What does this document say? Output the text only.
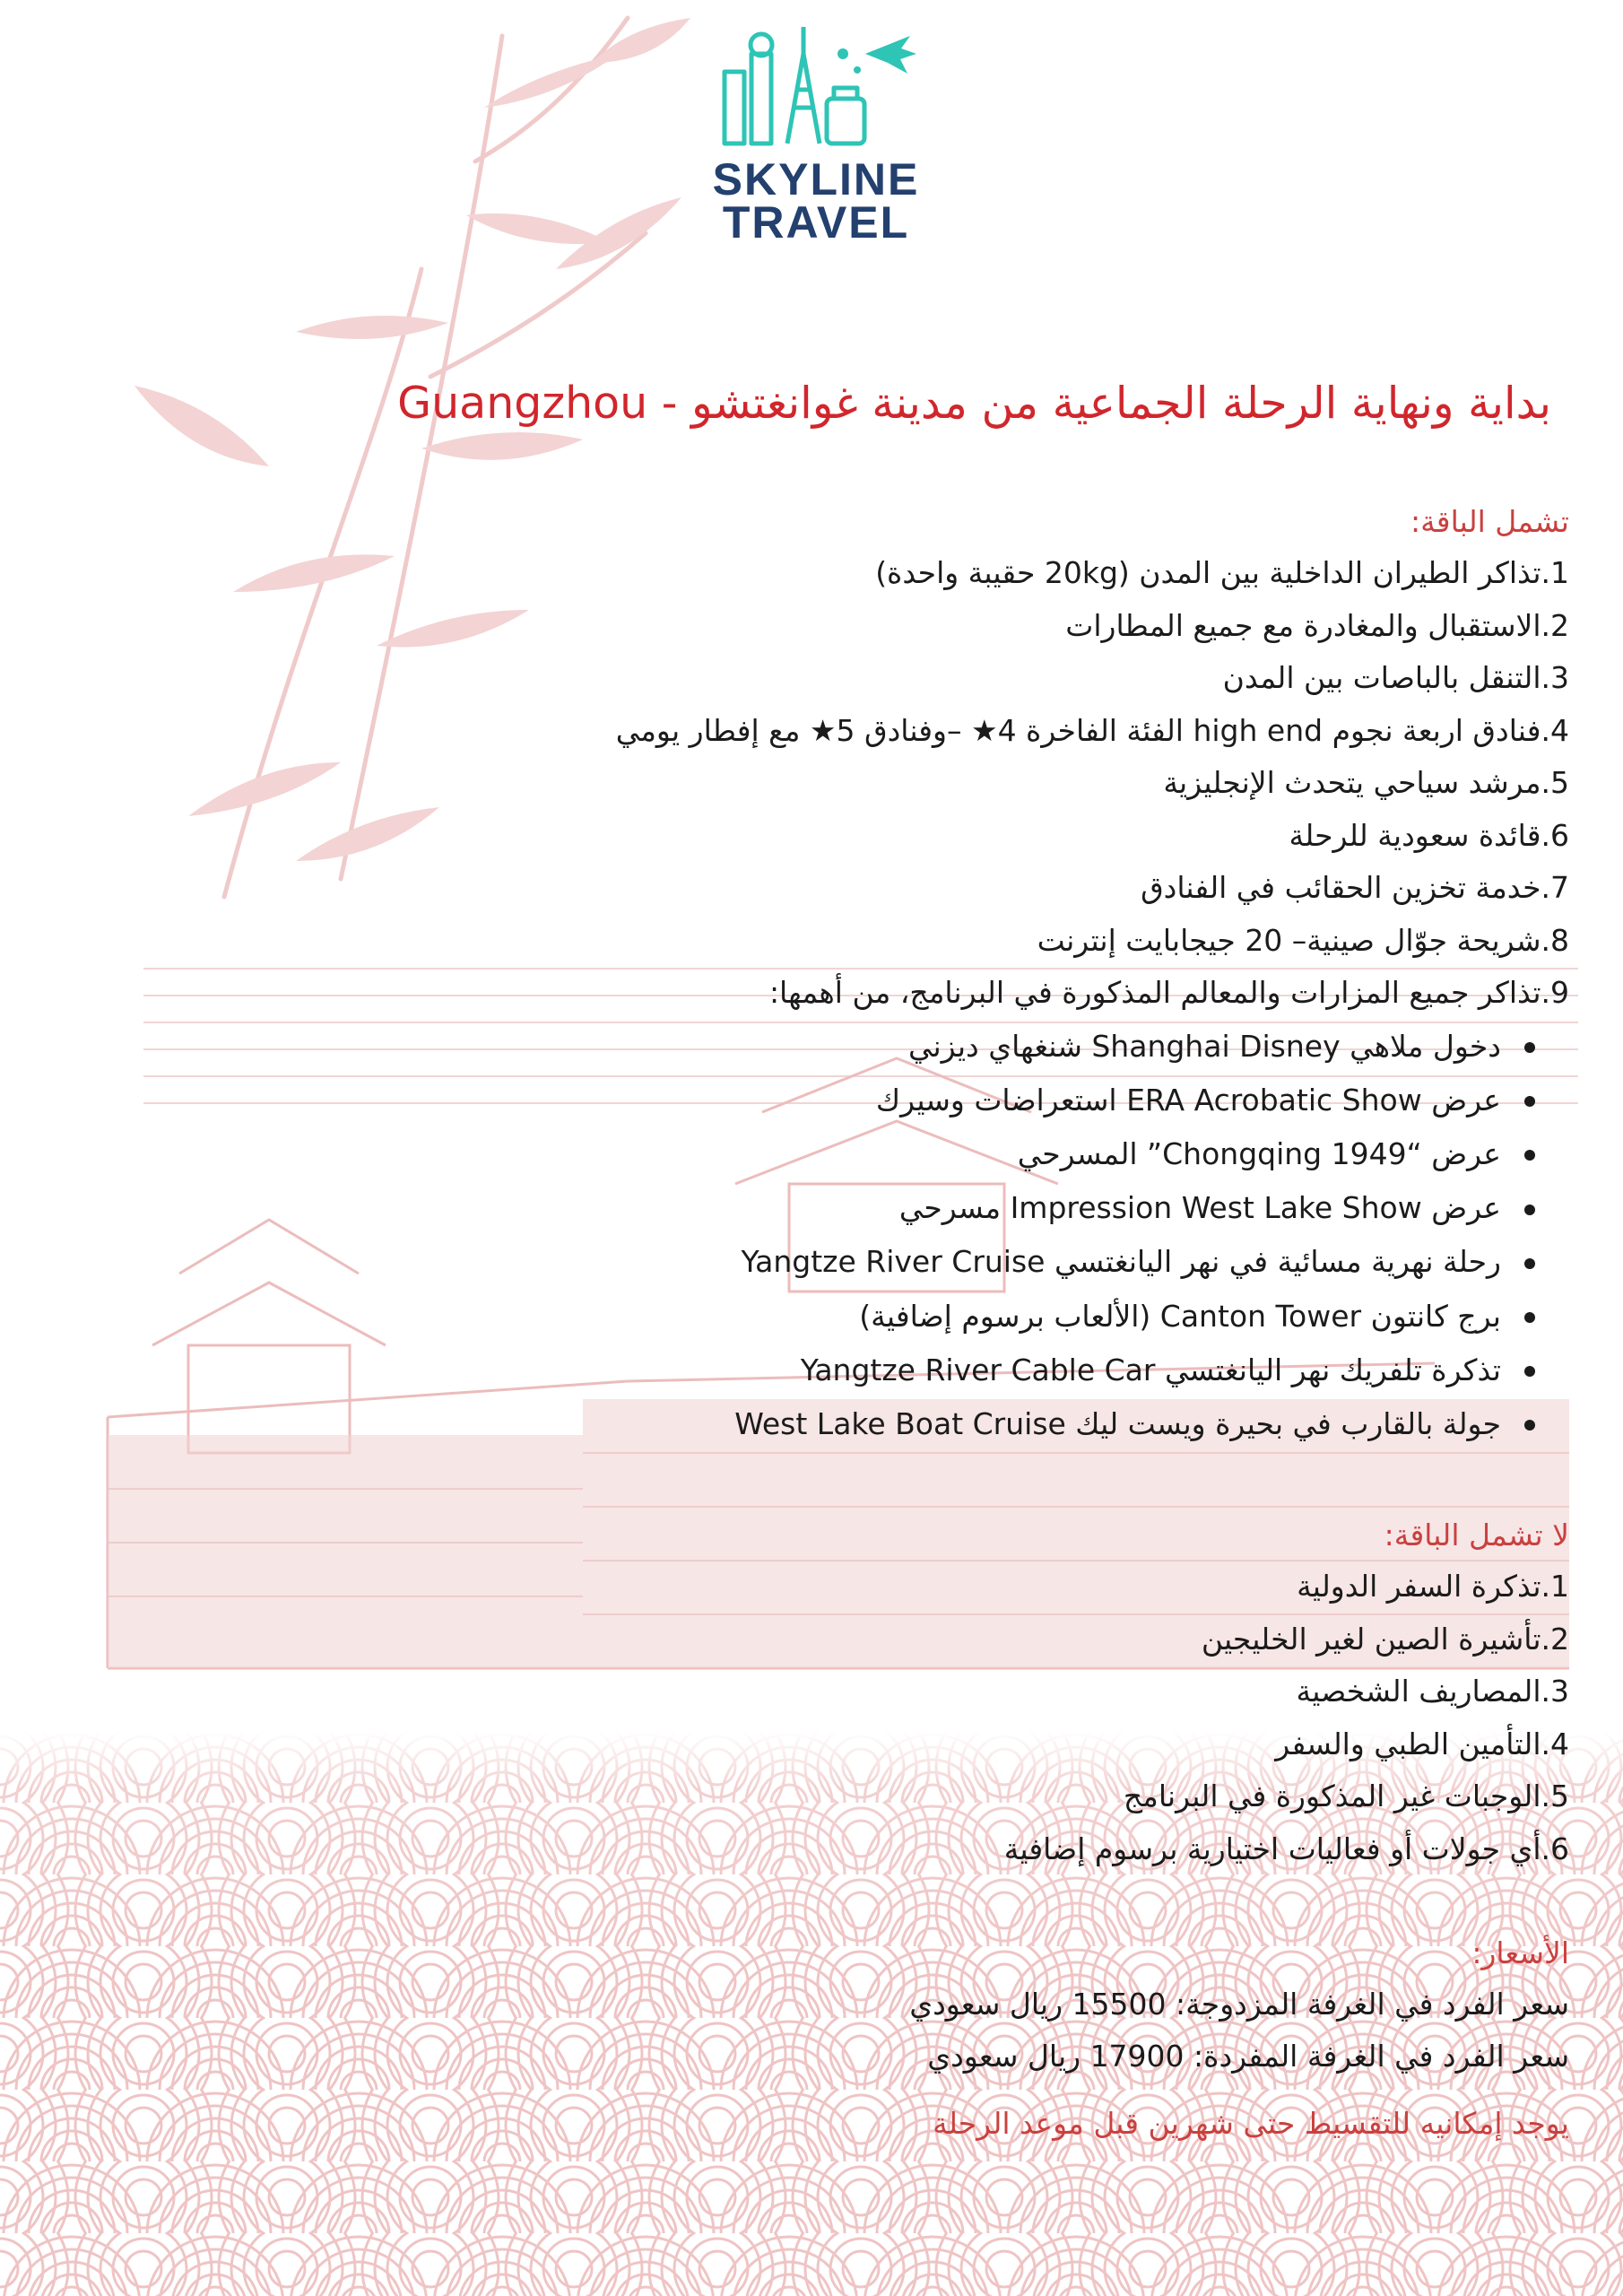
SKYLINE
TRAVEL
بداية ونهاية الرحلة الجماعية من مدينة غوانغتشو - Guangzhou
تشمل الباقة:
1.تذاكر الطيران الداخلية بين المدن (20kg حقيبة واحدة)
2.الاستقبال والمغادرة مع جميع المطارات
3.التنقل بالباصات بين المدن
4.فنادق اربعة نجوم high end الفئة الفاخرة 4★ –وفنادق 5★ مع إفطار يومي
5.مرشد سياحي يتحدث الإنجليزية
6.قائدة سعودية للرحلة
7.خدمة تخزين الحقائب في الفنادق
8.شريحة جوّال صينية– 20 جيجابايت إنترنت
9.تذاكر جميع المزارات والمعالم المذكورة في البرنامج، من أهمها:
دخول ملاهي Shanghai Disney شنغهاي ديزني
عرض ERA Acrobatic Show استعراضات وسيرك
عرض “Chongqing 1949” المسرحي
عرض Impression West Lake Show مسرحي
رحلة نهرية مسائية في نهر اليانغتسي Yangtze River Cruise
برج كانتون Canton Tower (الألعاب برسوم إضافية)
تذكرة تلفريك نهر اليانغتسي Yangtze River Cable Car
جولة بالقارب في بحيرة ويست ليك West Lake Boat Cruise
لا تشمل الباقة:
1.تذكرة السفر الدولية
2.تأشيرة الصين لغير الخليجين
3.المصاريف الشخصية
4.التأمين الطبي والسفر
5.الوجبات غير المذكورة في البرنامج
6.أي جولات أو فعاليات اختيارية برسوم إضافية
الأسعار:
سعر الفرد في الغرفة المزدوجة: 15500 ريال سعودي
سعر الفرد في الغرفة المفردة: 17900 ريال سعودي
يوجد إمكانيه للتقسيط حتى شهرين قبل موعد الرحلة
